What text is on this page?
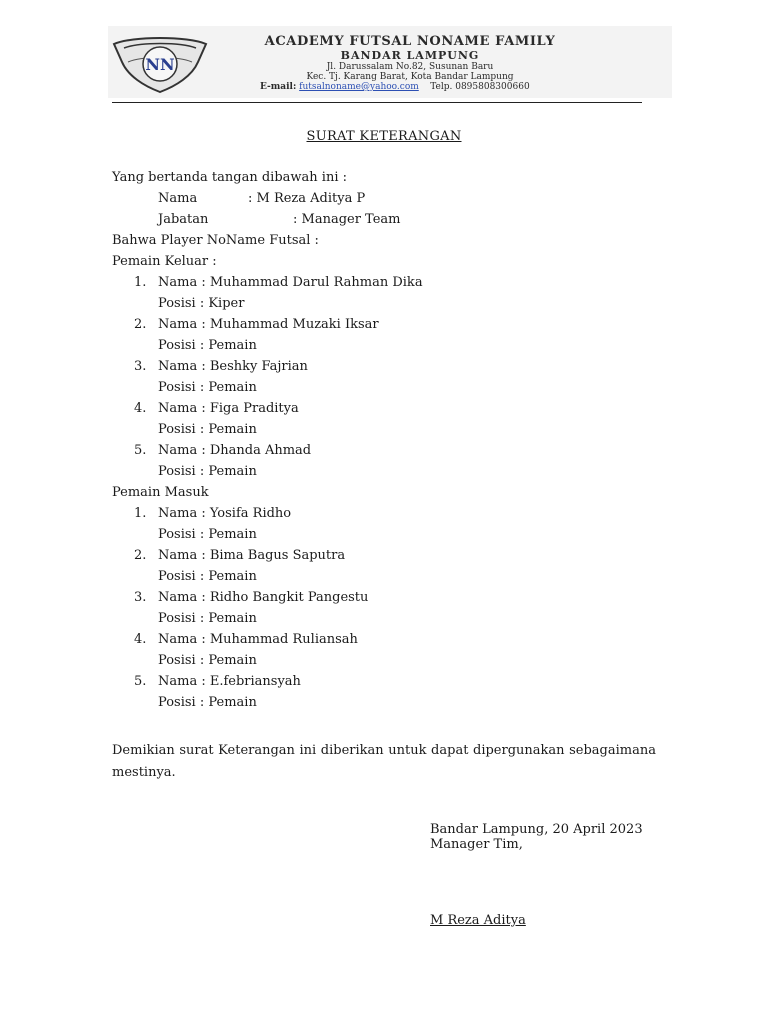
NN
ACADEMY FUTSAL NONAME FAMILY
BANDAR LAMPUNG
Jl. Darussalam No.82, Susunan Baru
Kec. Tj. Karang Barat, Kota Bandar Lampung
E-mail: futsalnoname@yahoo.com Telp. 0895808300660
SURAT KETERANGAN
Yang bertanda tangan dibawah ini :
Nama	: M Reza Aditya P
Jabatan	: Manager Team
Bahwa Player NoName Futsal :
Pemain Keluar :
1. Nama : Muhammad Darul Rahman Dika
Posisi : Kiper
2. Nama : Muhammad Muzaki Iksar
Posisi : Pemain
3. Nama : Beshky Fajrian
Posisi : Pemain
4. Nama : Figa Praditya
Posisi : Pemain
5. Nama : Dhanda Ahmad
Posisi : Pemain
Pemain Masuk
1. Nama : Yosifa Ridho
Posisi : Pemain
2. Nama : Bima Bagus Saputra
Posisi : Pemain
3. Nama : Ridho Bangkit Pangestu
Posisi : Pemain
4. Nama : Muhammad Ruliansah
Posisi : Pemain
5. Nama : E.febriansyah
Posisi : Pemain
Demikian surat Keterangan ini diberikan untuk dapat dipergunakan sebagaimana mestinya.
Bandar Lampung, 20 April 2023
Manager Tim,
M Reza Aditya
